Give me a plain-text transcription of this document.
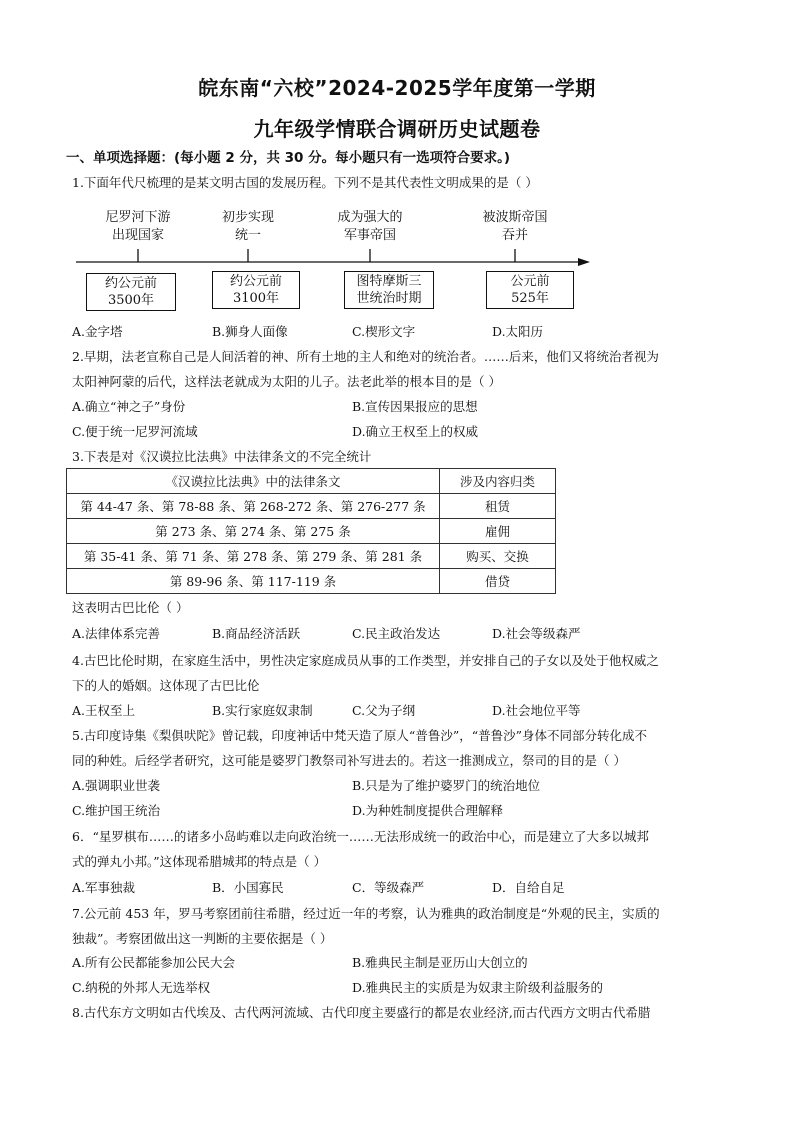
皖东南“六校”2024-2025学年度第一学期
九年级学情联合调研历史试题卷
一、单项选择题：(每小题 2 分，共 30 分。每小题只有一选项符合要求。)
1.下面年代尺梳理的是某文明古国的发展历程。下列不是其代表性文明成果的是（ ）
尼罗河下游
出现国家
初步实现
统一
成为强大的
军事帝国
被波斯帝国
吞并
约公元前
3500年
约公元前
3100年
图特摩斯三
世统治时期
公元前
525年
A.金字塔	B.狮身人面像	C.楔形文字	D.太阳历
2.早期，法老宣称自己是人间活着的神、所有土地的主人和绝对的统治者。……后来，他们又将统治者视为
太阳神阿蒙的后代，这样法老就成为太阳的儿子。法老此举的根本目的是（ ）
A.确立“神之子”身份	B.宣传因果报应的思想
C.便于统一尼罗河流域	D.确立王权至上的权威
3.下表是对《汉谟拉比法典》中法律条文的不完全统计
《汉谟拉比法典》中的法律条文	涉及内容归类
第 44-47 条、第 78-88 条、第 268-272 条、第 276-277 条	租赁
第 273 条、第 274 条、第 275 条	雇佣
第 35-41 条、第 71 条、第 278 条、第 279 条、第 281 条	购买、交换
第 89-96 条、第 117-119 条	借贷
这表明古巴比伦（ ）
A.法律体系完善	B.商品经济活跃	C.民主政治发达	D.社会等级森严
4.古巴比伦时期，在家庭生活中，男性决定家庭成员从事的工作类型，并安排自己的子女以及处于他权威之
下的人的婚姻。这体现了古巴比伦
A.王权至上	B.实行家庭奴隶制	C.父为子纲	D.社会地位平等
5.古印度诗集《梨俱吠陀》曾记载，印度神话中梵天造了原人“普鲁沙”，“普鲁沙”身体不同部分转化成不
同的种姓。后经学者研究，这可能是婆罗门教祭司补写进去的。若这一推测成立，祭司的目的是（ ）
A.强调职业世袭	B.只是为了维护婆罗门的统治地位
C.维护国王统治	D.为种姓制度提供合理解释
6．“星罗棋布……的诸多小岛屿难以走向政治统一……无法形成统一的政治中心，而是建立了大多以城邦
式的弹丸小邦。”这体现希腊城邦的特点是（ ）
A.军事独裁	B．小国寡民	C．等级森严	D．自给自足
7.公元前 453 年，罗马考察团前往希腊，经过近一年的考察，认为雅典的政治制度是“外观的民主，实质的
独裁”。考察团做出这一判断的主要依据是（ ）
A.所有公民都能参加公民大会	B.雅典民主制是亚历山大创立的
C.纳税的外邦人无选举权	D.雅典民主的实质是为奴隶主阶级利益服务的
8.古代东方文明如古代埃及、古代两河流域、古代印度主要盛行的都是农业经济,而古代西方文明古代希腊
